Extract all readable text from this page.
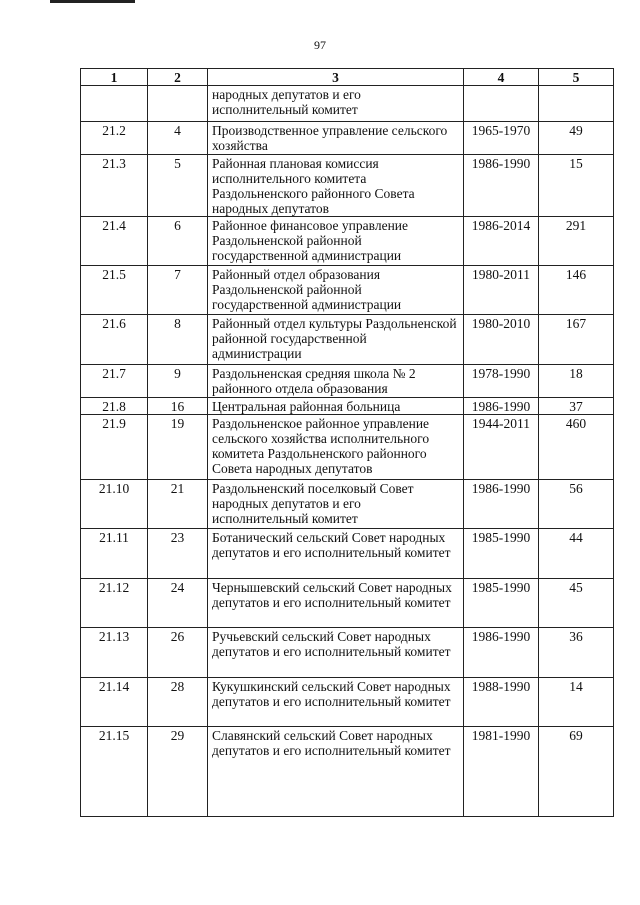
97
1	2	3	4	5
		народных депутатов и его исполнительный комитет		
21.2	4	Производственное управление сельского хозяйства	1965-1970	49
21.3	5	Районная плановая комиссия исполнительного комитета Раздольненского районного Совета народных депутатов	1986-1990	15
21.4	6	Районное финансовое управление Раздольненской районной государственной администрации	1986-2014	291
21.5	7	Районный отдел образования Раздольненской районной государственной администрации	1980-2011	146
21.6	8	Районный отдел культуры Раздольненской районной государственной администрации	1980-2010	167
21.7	9	Раздольненская средняя школа № 2 районного отдела образования	1978-1990	18
21.8	16	Центральная районная больница	1986-1990	37
21.9	19	Раздольненское районное управление сельского хозяйства исполнительного комитета Раздольненского районного Совета народных депутатов	1944-2011	460
21.10	21	Раздольненский поселковый Совет народных депутатов и его исполнительный комитет	1986-1990	56
21.11	23	Ботанический сельский Совет народных депутатов и его исполнительный комитет	1985-1990	44
21.12	24	Чернышевский сельский Совет народных депутатов и его исполнительный комитет	1985-1990	45
21.13	26	Ручьевский сельский Совет народных депутатов и его исполнительный комитет	1986-1990	36
21.14	28	Кукушкинский сельский Совет народных депутатов и его исполнительный комитет	1988-1990	14
21.15	29	Славянский сельский Совет народных депутатов и его исполнительный комитет	1981-1990	69
